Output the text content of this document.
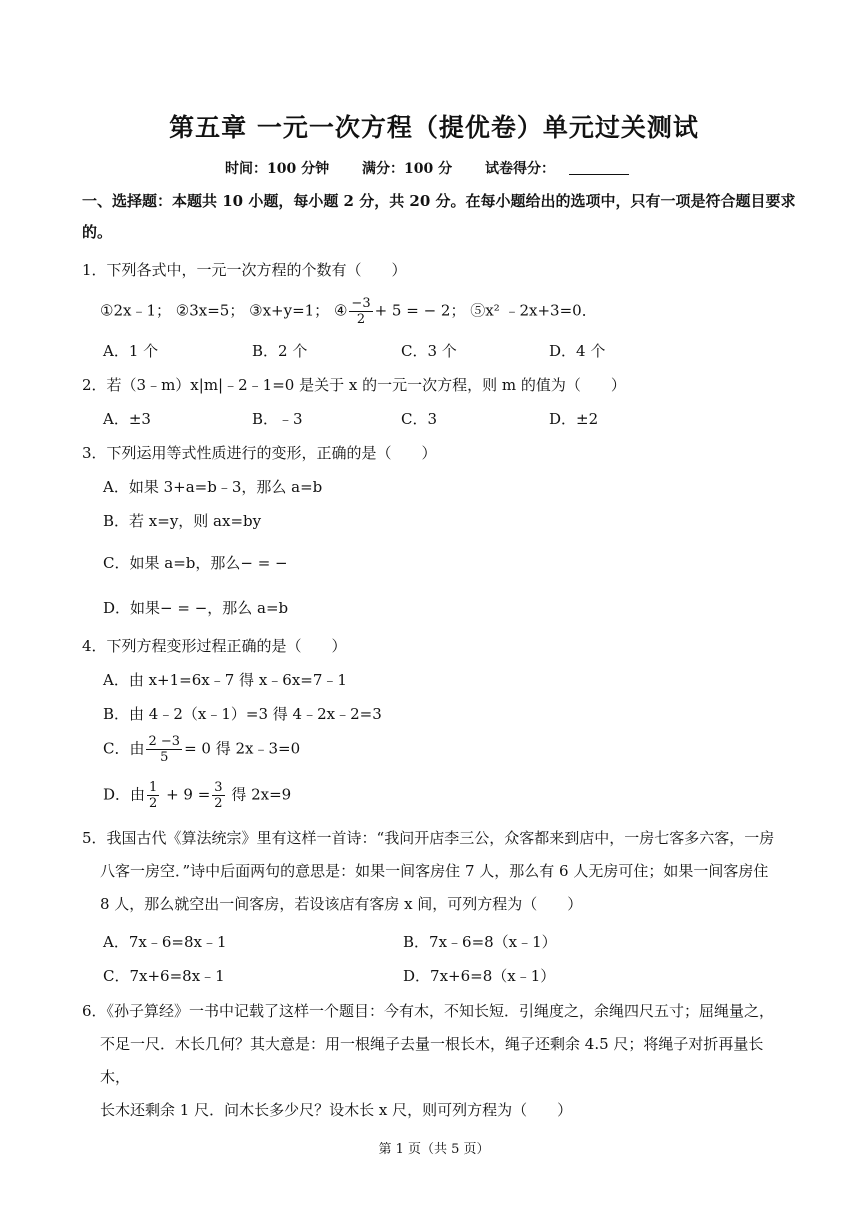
第五章 一元一次方程（提优卷）单元过关测试
时间：100 分钟 满分：100 分 试卷得分：
一、选择题：本题共 10 小题，每小题 2 分，共 20 分。在每小题给出的选项中，只有一项是符合题目要求
的。
1．下列各式中，一元一次方程的个数有（　　）
①2x﹣1； ②3x=5； ③x+y=1； ④ $\frac{-3}{2} + 5$ = − 2； ⑤x² ﹣2x+3=0．
A．1 个	B．2 个	C．3 个	D．4 个
2．若（3﹣m）x|m|﹣2﹣1=0 是关于 x 的一元一次方程，则 m 的值为（　　）
A．±3	B．﹣3	C．3	D．±2
3．下列运用等式性质进行的变形，正确的是（　　）
A．如果 3+a=b﹣3，那么 a=b
B．若 x=y，则 ax=by
C．如果 a=b，那么− = −
D．如果− = −，那么 a=b
4．下列方程变形过程正确的是（　　）
A．由 x+1=6x﹣7 得 x﹣6x=7﹣1
B．由 4﹣2（x﹣1）=3 得 4﹣2x﹣2=3
C．由 $\frac{2 -3}{5} = 0$ 得 2x﹣3=0
D．由 $\frac{1}{2} + 9 = \frac{3}{2}$ 得 2x=9
5．我国古代《算法统宗》里有这样一首诗：“我问开店李三公，众客都来到店中，一房七客多六客，一房
八客一房空．”诗中后面两句的意思是：如果一间客房住 7 人，那么有 6 人无房可住；如果一间客房住
8 人，那么就空出一间客房，若设该店有客房 x 间，可列方程为（　　）
A．7x﹣6=8x﹣1	B．7x﹣6=8（x﹣1）
C．7x+6=8x﹣1	D．7x+6=8（x﹣1）
6．《孙子算经》一书中记载了这样一个题目：今有木，不知长短．引绳度之，余绳四尺五寸；屈绳量之，
不足一尺．木长几何？其大意是：用一根绳子去量一根长木，绳子还剩余 4.5 尺；将绳子对折再量长木，
长木还剩余 1 尺．问木长多少尺？设木长 x 尺，则可列方程为（　　）
第 1 页（共 5 页）
